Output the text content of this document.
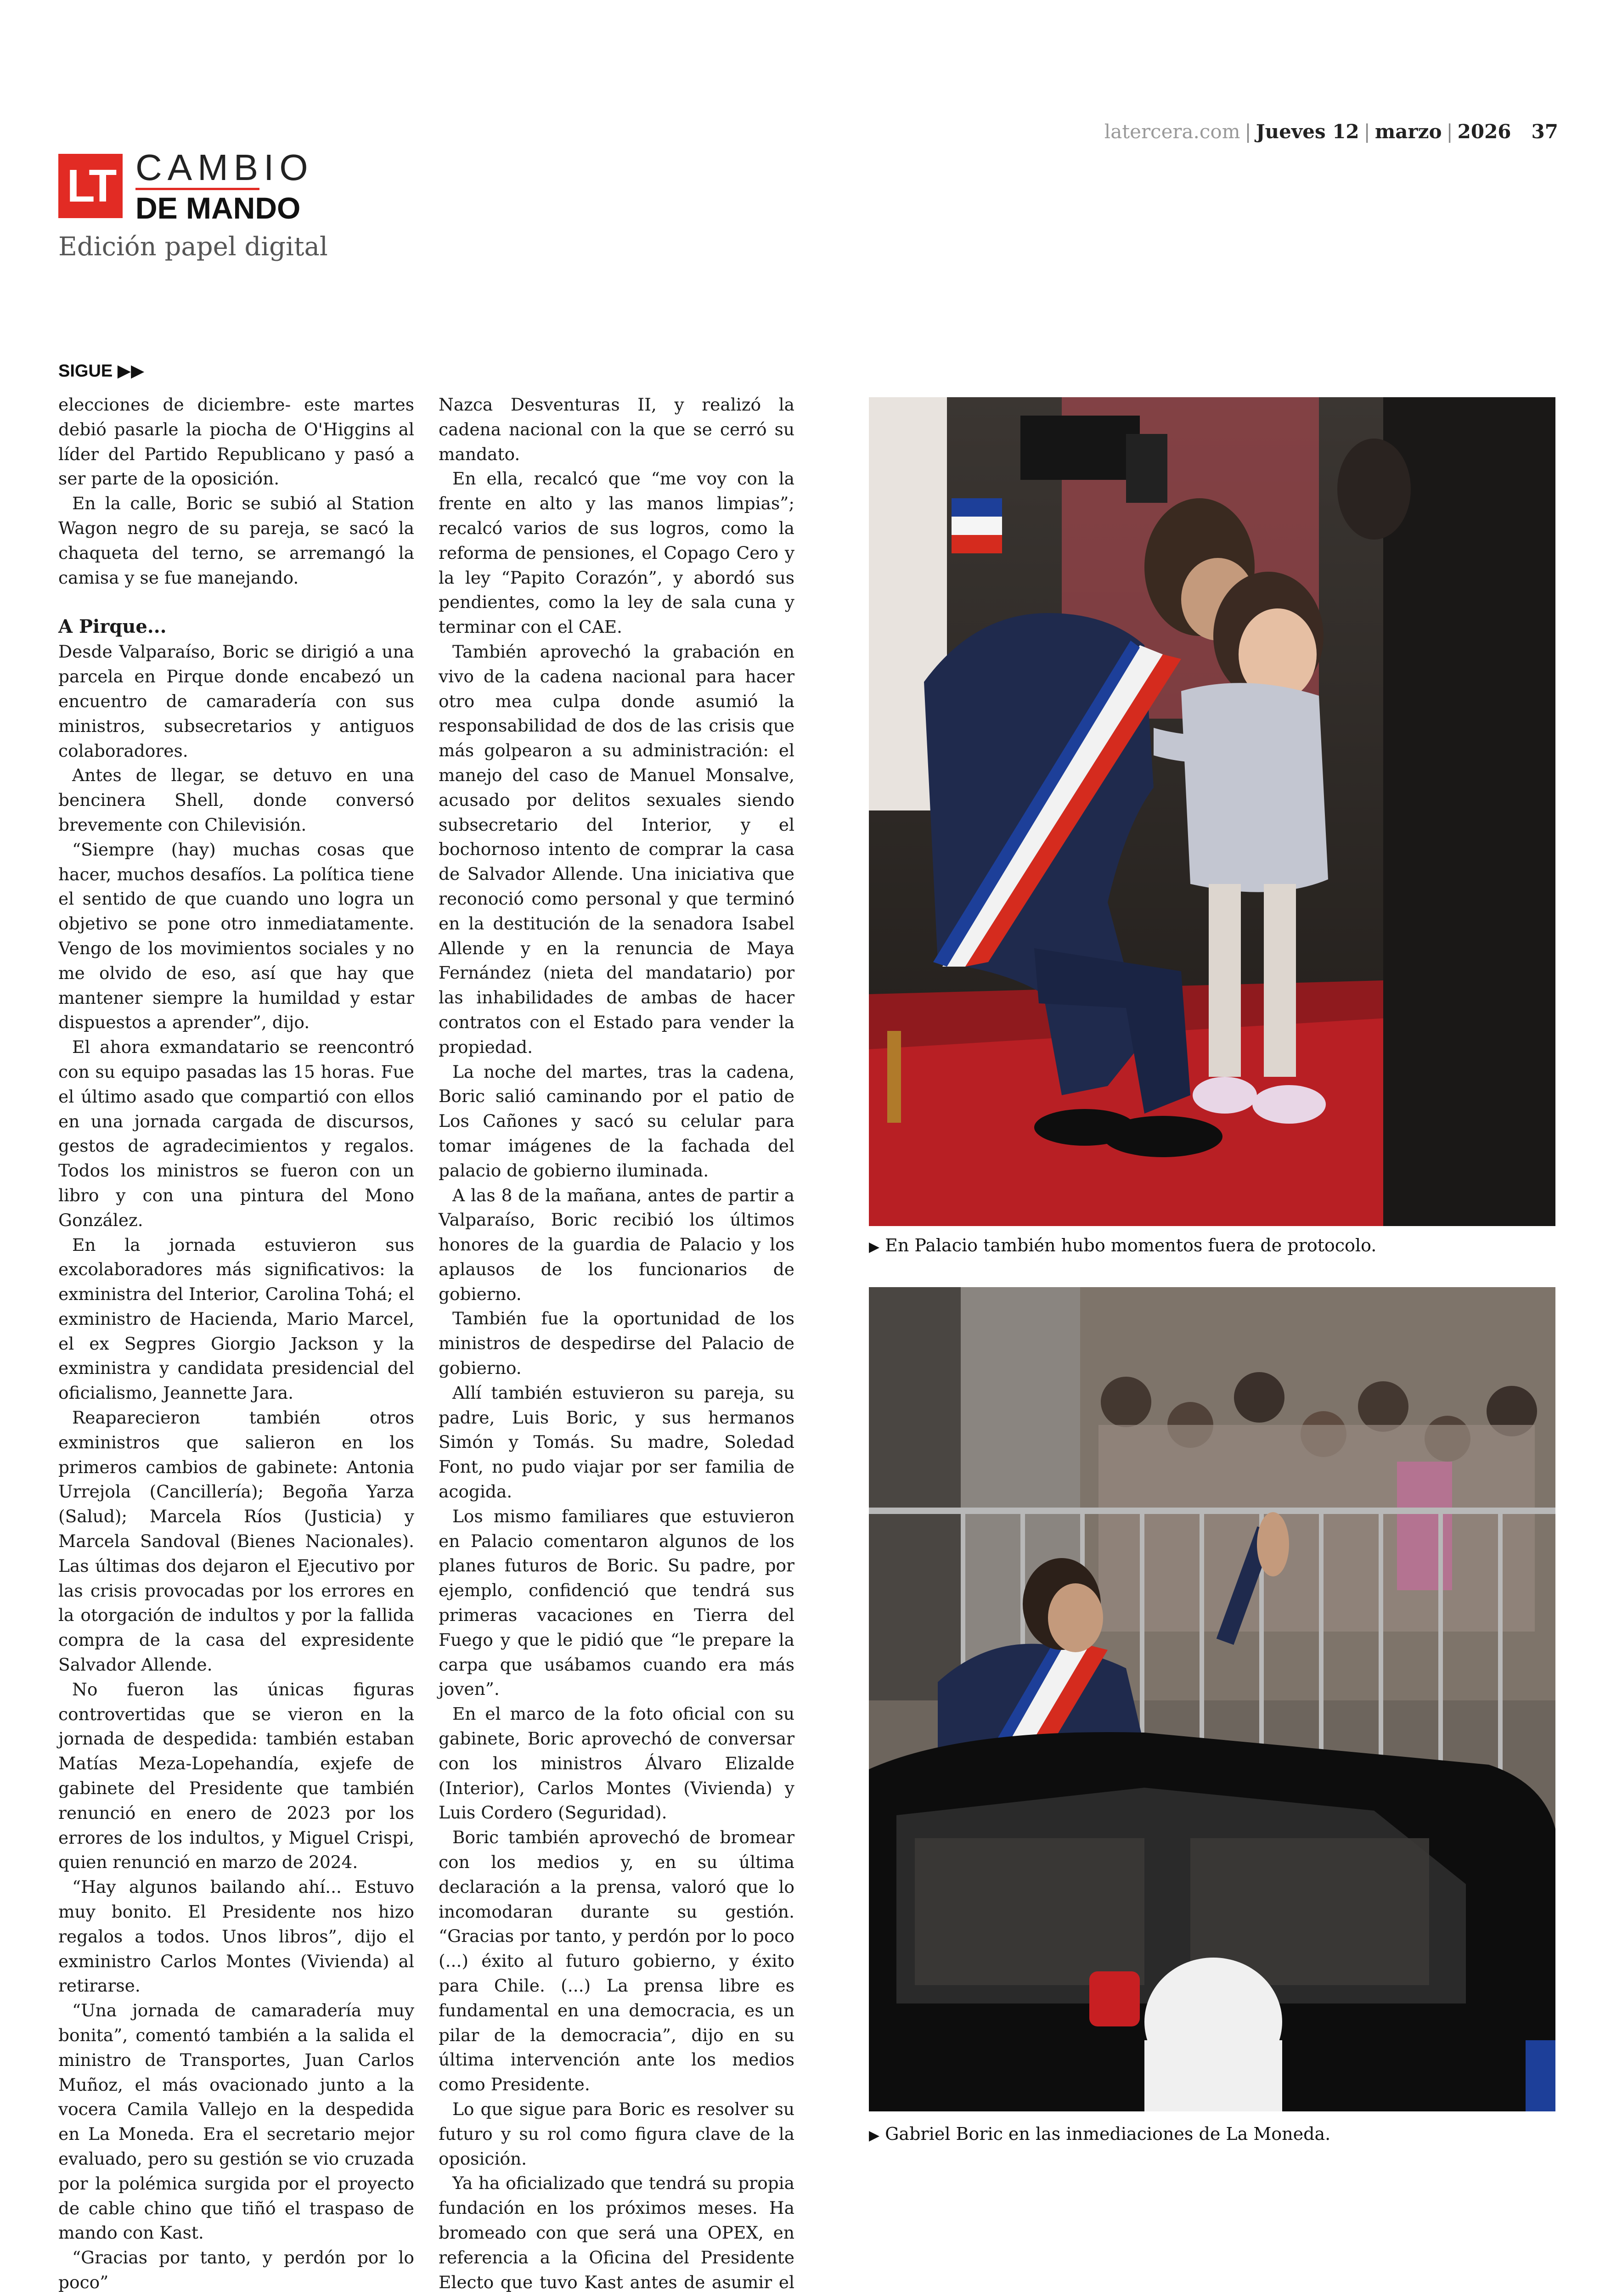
latercera.com | Jueves 12 | marzo | 2026 37
LT CAMBIO
DE MANDO
Edición papel digital
SIGUE ▶▶

elecciones de diciembre- este martes debió pasarle la piocha de O'Higgins al líder del Partido Republicano y pasó a ser parte de la oposición.

En la calle, Boric se subió al Station Wagon negro de su pareja, se sacó la chaqueta del terno, se arremangó la camisa y se fue manejando.

A Pirque...

Desde Valparaíso, Boric se dirigió a una parcela en Pirque donde encabezó un encuentro de camaradería con sus ministros, subsecretarios y antiguos colaboradores.

Antes de llegar, se detuvo en una bencinera Shell, donde conversó brevemente con Chilevisión.

“Siempre (hay) muchas cosas que hacer, muchos desafíos. La política tiene el sentido de que cuando uno logra un objetivo se pone otro inmediatamente. Vengo de los movimientos sociales y no me olvido de eso, así que hay que mantener siempre la humildad y estar dispuestos a aprender”, dijo.

El ahora exmandatario se reencontró con su equipo pasadas las 15 horas. Fue el último asado que compartió con ellos en una jornada cargada de discursos, gestos de agradecimientos y regalos. Todos los ministros se fueron con un libro y con una pintura del Mono González.

En la jornada estuvieron sus excolaboradores más significativos: la exministra del Interior, Carolina Tohá; el exministro de Hacienda, Mario Marcel, el ex Segpres Giorgio Jackson y la exministra y candidata presidencial del oficialismo, Jeannette Jara.

Reaparecieron también otros exministros que salieron en los primeros cambios de gabinete: Antonia Urrejola (Cancillería); Begoña Yarza (Salud); Marcela Ríos (Justicia) y Marcela Sandoval (Bienes Nacionales). Las últimas dos dejaron el Ejecutivo por las crisis provocadas por los errores en la otorgación de indultos y por la fallida compra de la casa del expresidente Salvador Allende.

No fueron las únicas figuras controvertidas que se vieron en la jornada de despedida: también estaban Matías Meza-Lopehandía, exjefe de gabinete del Presidente que también renunció en enero de 2023 por los errores de los indultos, y Miguel Crispi, quien renunció en marzo de 2024.

“Hay algunos bailando ahí... Estuvo muy bonito. El Presidente nos hizo regalos a todos. Unos libros”, dijo el exministro Carlos Montes (Vivienda) al retirarse.

“Una jornada de camaradería muy bonita”, comentó también a la salida el ministro de Transportes, Juan Carlos Muñoz, el más ovacionado junto a la vocera Camila Vallejo en la despedida en La Moneda. Era el secretario mejor evaluado, pero su gestión se vio cruzada por la polémica surgida por el proyecto de cable chino que tiñó el traspaso de mando con Kast.

“Gracias por tanto, y perdón por lo poco”

Nazca Desventuras II, y realizó la cadena nacional con la que se cerró su mandato.

En ella, recalcó que “me voy con la frente en alto y las manos limpias”; recalcó varios de sus logros, como la reforma de pensiones, el Copago Cero y la ley “Papito Corazón”, y abordó sus pendientes, como la ley de sala cuna y terminar con el CAE.

También aprovechó la grabación en vivo de la cadena nacional para hacer otro mea culpa donde asumió la responsabilidad de dos de las crisis que más golpearon a su administración: el manejo del caso de Manuel Monsalve, acusado por delitos sexuales siendo subsecretario del Interior, y el bochornoso intento de comprar la casa de Salvador Allende. Una iniciativa que reconoció como personal y que terminó en la destitución de la senadora Isabel Allende y en la renuncia de Maya Fernández (nieta del mandatario) por las inhabilidades de ambas de hacer contratos con el Estado para vender la propiedad.

La noche del martes, tras la cadena, Boric salió caminando por el patio de Los Cañones y sacó su celular para tomar imágenes de la fachada del palacio de gobierno iluminada.

A las 8 de la mañana, antes de partir a Valparaíso, Boric recibió los últimos honores de la guardia de Palacio y los aplausos de los funcionarios de gobierno.

También fue la oportunidad de los ministros de despedirse del Palacio de gobierno.

Allí también estuvieron su pareja, su padre, Luis Boric, y sus hermanos Simón y Tomás. Su madre, Soledad Font, no pudo viajar por ser familia de acogida.

Los mismo familiares que estuvieron en Palacio comentaron algunos de los planes futuros de Boric. Su padre, por ejemplo, confidenció que tendrá sus primeras vacaciones en Tierra del Fuego y que le pidió que “le prepare la carpa que usábamos cuando era más joven”.

En el marco de la foto oficial con su gabinete, Boric aprovechó de conversar con los ministros Álvaro Elizalde (Interior), Carlos Montes (Vivienda) y Luis Cordero (Seguridad).

Boric también aprovechó de bromear con los medios y, en su última declaración a la prensa, valoró que lo incomodaran durante su gestión. “Gracias por tanto, y perdón por lo poco (...) éxito al futuro gobierno, y éxito para Chile. (...) La prensa libre es fundamental en una democracia, es un pilar de la democracia”, dijo en su última intervención ante los medios como Presidente.

Lo que sigue para Boric es resolver su futuro y su rol como figura clave de la oposición.

Ya ha oficializado que tendrá su propia fundación en los próximos meses. Ha bromeado con que será una OPEX, en referencia a la Oficina del Presidente Electo que tuvo Kast antes de asumir el

▶ En Palacio también hubo momentos fuera de protocolo.
▶ Gabriel Boric en las inmediaciones de La Moneda.
